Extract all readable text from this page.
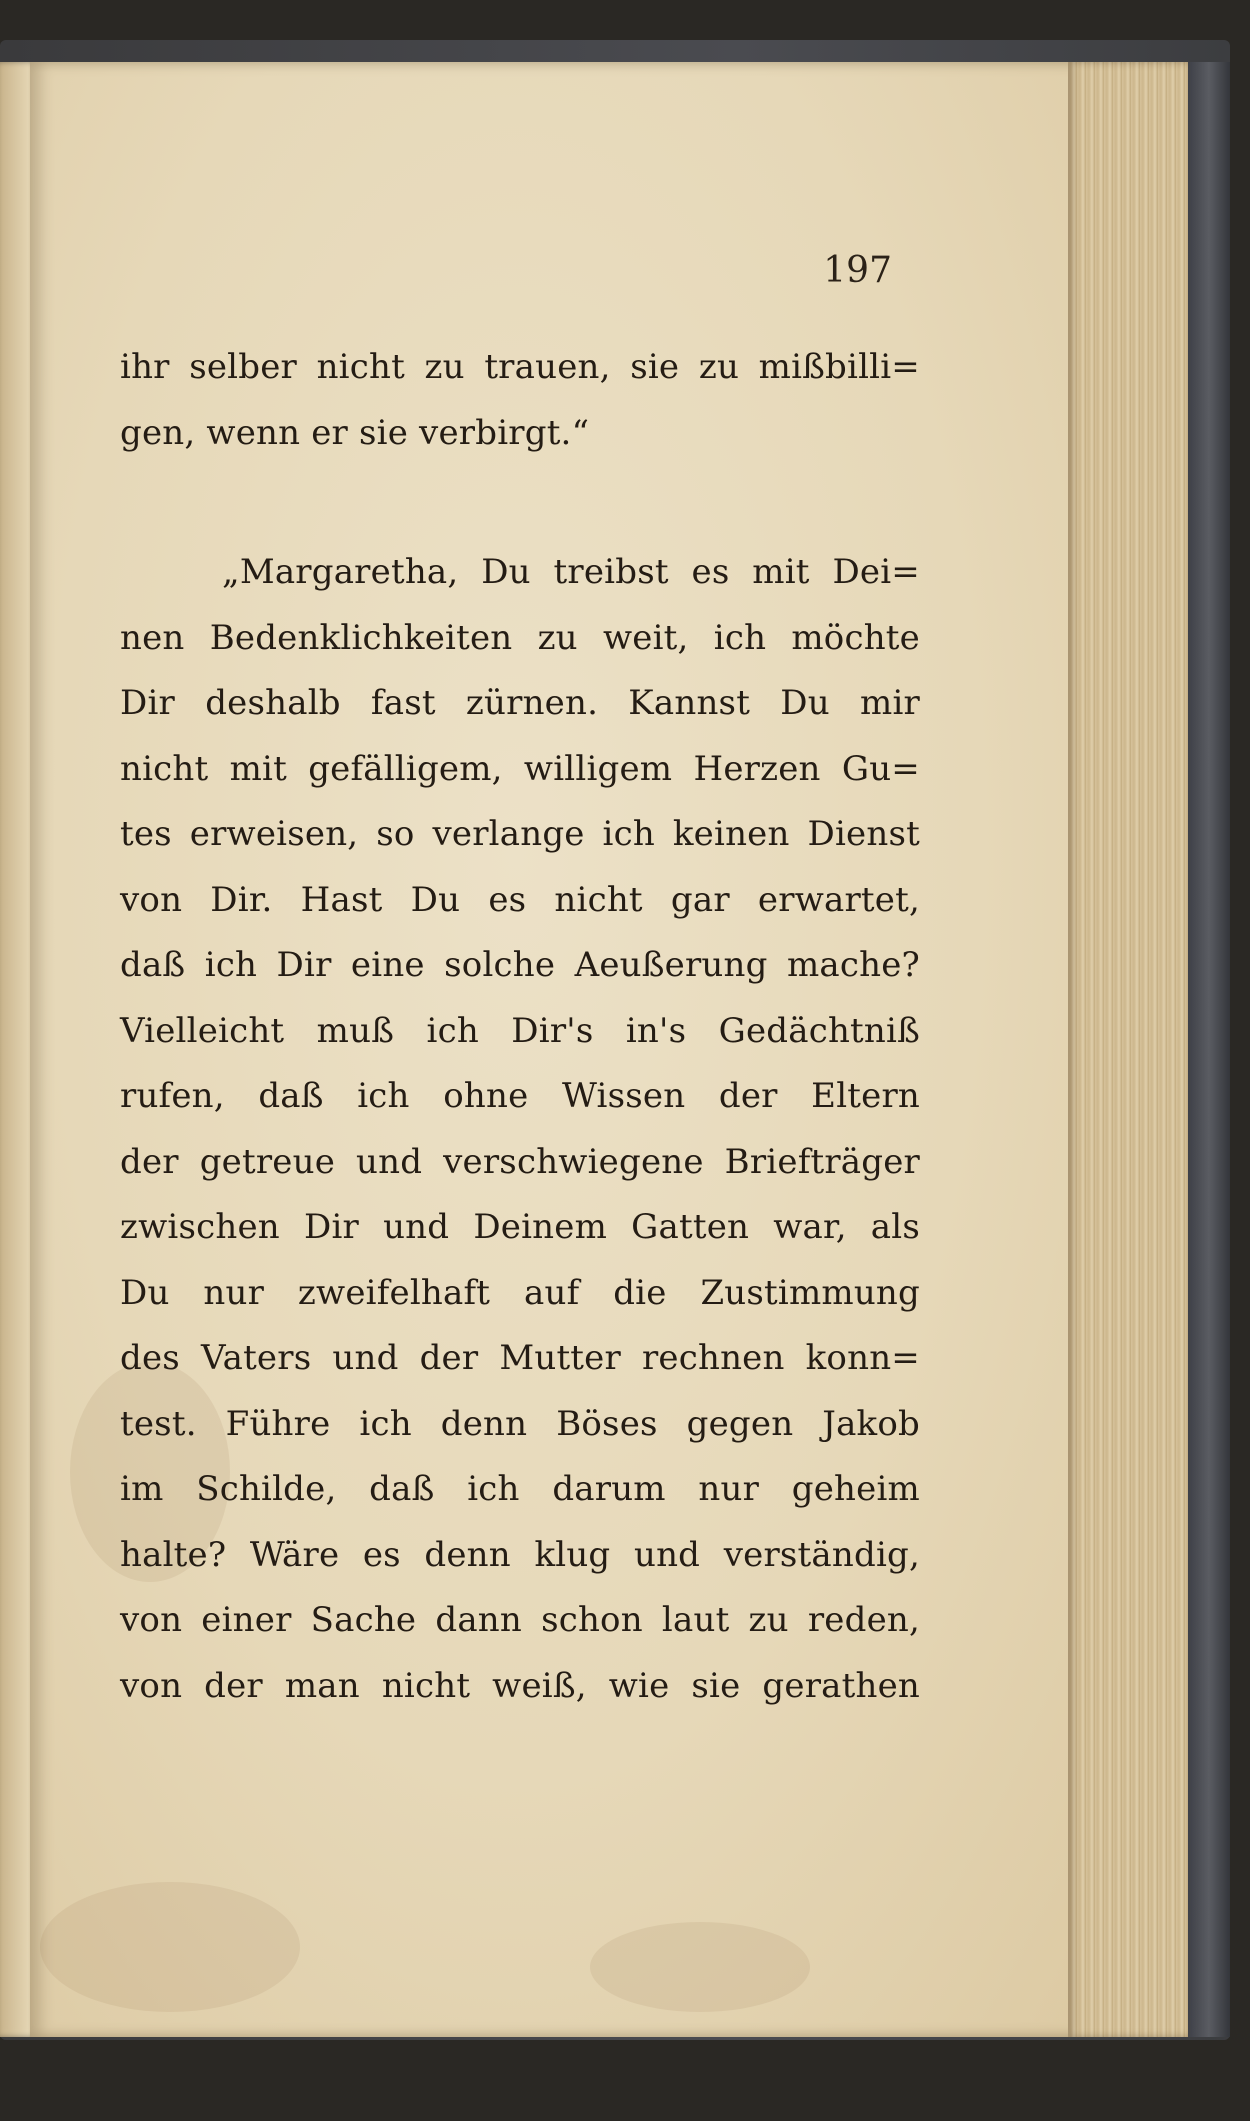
197
ihr selber nicht zu trauen, sie zu mißbilli=
gen, wenn er sie verbirgt.“
„Margaretha, Du treibst es mit Dei=
nen Bedenklichkeiten zu weit, ich möchte
Dir deshalb fast zürnen. Kannst Du mir
nicht mit gefälligem, willigem Herzen Gu=
tes erweisen, so verlange ich keinen Dienst
von Dir. Hast Du es nicht gar erwartet,
daß ich Dir eine solche Aeußerung mache?
Vielleicht muß ich Dir's in's Gedächtniß
rufen, daß ich ohne Wissen der Eltern
der getreue und verschwiegene Briefträger
zwischen Dir und Deinem Gatten war, als
Du nur zweifelhaft auf die Zustimmung
des Vaters und der Mutter rechnen konn=
test. Führe ich denn Böses gegen Jakob
im Schilde, daß ich darum nur geheim
halte? Wäre es denn klug und verständig,
von einer Sache dann schon laut zu reden,
von der man nicht weiß, wie sie gerathen
